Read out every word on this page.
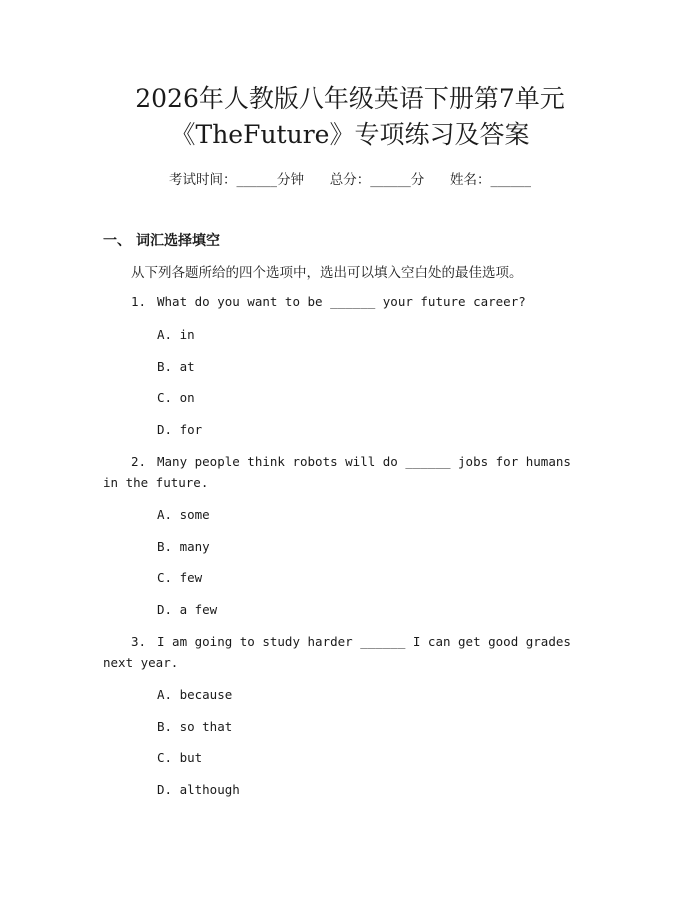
2026年人教版八年级英语下册第7单元
《TheFuture》专项练习及答案
考试时间：______分钟      总分：______分      姓名：______
一、 词汇选择填空
从下列各题所给的四个选项中，选出可以填入空白处的最佳选项。
1. What do you want to be ______ your future career?
A. in
B. at
C. on
D. for
2. Many people think robots will do ______ jobs for humans in the future.
A. some
B. many
C. few
D. a few
3. I am going to study harder ______ I can get good grades next year.
A. because
B. so that
C. but
D. although
